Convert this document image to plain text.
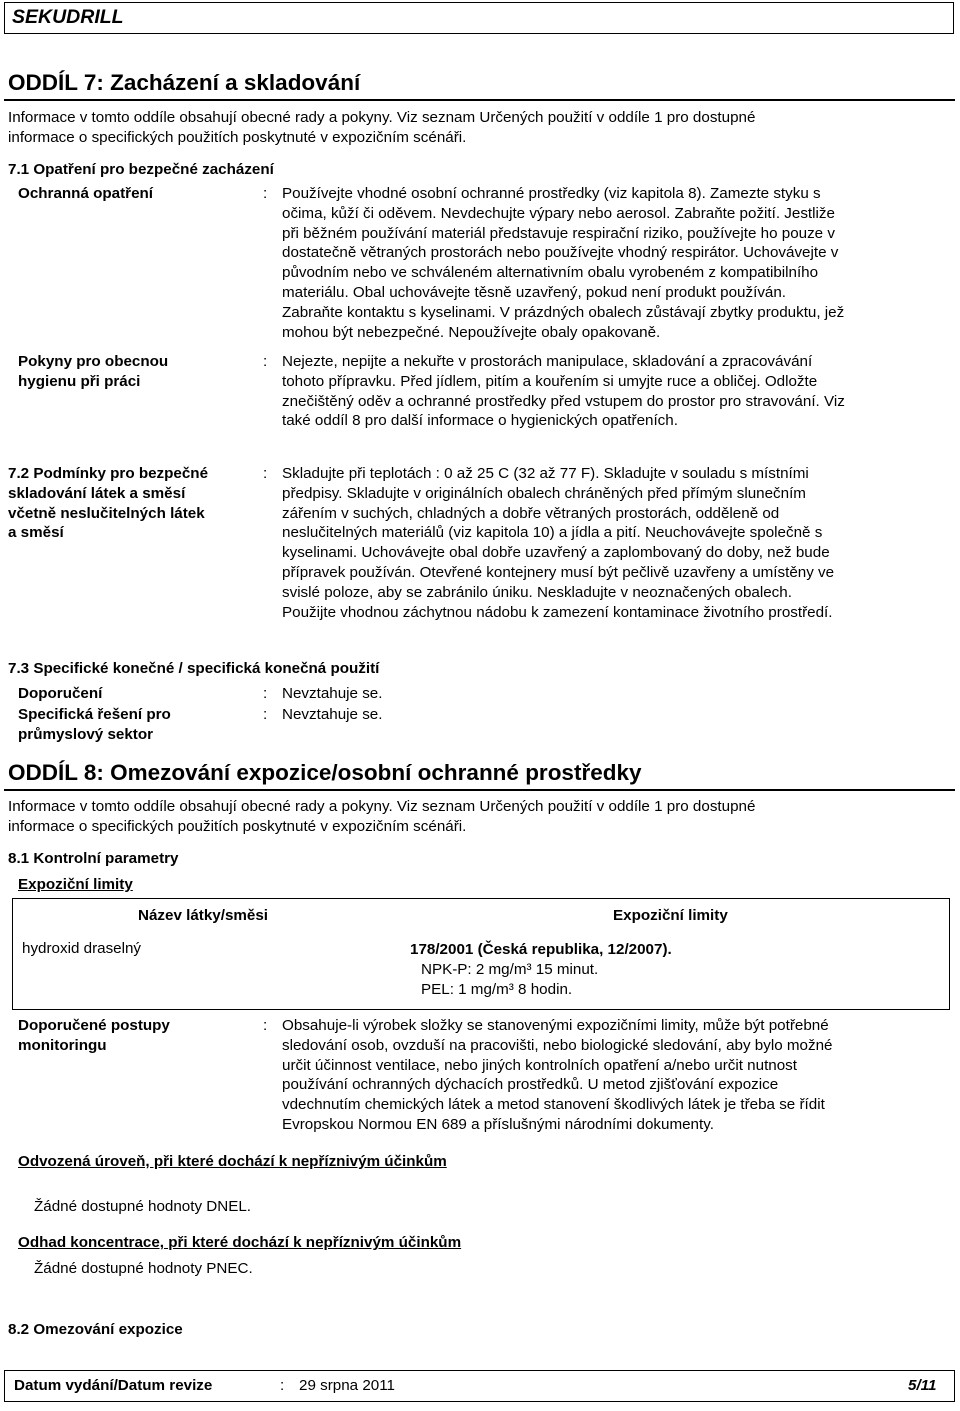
SEKUDRILL
ODDÍL 7: Zacházení a skladování
Informace v tomto oddíle obsahují obecné rady a pokyny. Viz seznam Určených použití v oddíle 1 pro dostupné
informace o specifických použitích poskytnuté v expozičním scénáři.
7.1 Opatření pro bezpečné zacházení
Ochranná opatření	: Používejte vhodné osobní ochranné prostředky (viz kapitola 8). Zamezte styku s
očima, kůží či oděvem. Nevdechujte výpary nebo aerosol. Zabraňte požití. Jestliže
při běžném používání materiál představuje respirační riziko, používejte ho pouze v
dostatečně větraných prostorách nebo používejte vhodný respirátor. Uchovávejte v
původním nebo ve schváleném alternativním obalu vyrobeném z kompatibilního
materiálu. Obal uchovávejte těsně uzavřený, pokud není produkt používán.
Zabraňte kontaktu s kyselinami. V prázdných obalech zůstávají zbytky produktu, jež
mohou být nebezpečné. Nepoužívejte obaly opakovaně.
Pokyny pro obecnou
hygienu při práci
: Nejezte, nepijte a nekuřte v prostorách manipulace, skladování a zpracovávání
tohoto přípravku. Před jídlem, pitím a kouřením si umyjte ruce a obličej. Odložte
znečištěný oděv a ochranné prostředky před vstupem do prostor pro stravování. Viz
také oddíl 8 pro další informace o hygienických opatřeních.
7.2 Podmínky pro bezpečné
skladování látek a směsí
včetně neslučitelných látek
a směsí
: Skladujte při teplotách : 0 až 25 C (32 až 77 F). Skladujte v souladu s místními
předpisy. Skladujte v originálních obalech chráněných před přímým slunečním
zářením v suchých, chladných a dobře větraných prostorách, odděleně od
neslučitelných materiálů (viz kapitola 10) a jídla a pití. Neuchovávejte společně s
kyselinami. Uchovávejte obal dobře uzavřený a zaplombovaný do doby, než bude
přípravek používán. Otevřené kontejnery musí být pečlivě uzavřeny a umístěny ve
svislé poloze, aby se zabránilo úniku. Neskladujte v neoznačených obalech.
Použijte vhodnou záchytnou nádobu k zamezení kontaminace životního prostředí.
7.3 Specifické konečné / specifická konečná použití
Doporučení	: Nevztahuje se.
Specifická řešení pro
průmyslový sektor
: Nevztahuje se.
ODDÍL 8: Omezování expozice/osobní ochranné prostředky
Informace v tomto oddíle obsahují obecné rady a pokyny. Viz seznam Určených použití v oddíle 1 pro dostupné
informace o specifických použitích poskytnuté v expozičním scénáři.
8.1 Kontrolní parametry
Expoziční limity
Název látky/směsi	Expoziční limity
hydroxid draselný	178/2001 (Česká republika, 12/2007).
NPK-P: 2 mg/m³ 15 minut.
PEL: 1 mg/m³ 8 hodin.
Doporučené postupy
monitoringu
: Obsahuje-li výrobek složky se stanovenými expozičními limity, může být potřebné
sledování osob, ovzduší na pracovišti, nebo biologické sledování, aby bylo možné
určit účinnost ventilace, nebo jiných kontrolních opatření a/nebo určit nutnost
používání ochranných dýchacích prostředků. U metod zjišťování expozice
vdechnutím chemických látek a metod stanovení škodlivých látek je třeba se řídit
Evropskou Normou EN 689 a příslušnými národními dokumenty.
Odvozená úroveň, při které dochází k nepříznivým účinkům
Žádné dostupné hodnoty DNEL.
Odhad koncentrace, při které dochází k nepříznivým účinkům
Žádné dostupné hodnoty PNEC.
8.2 Omezování expozice
Datum vydání/Datum revize	: 29 srpna 2011	5/11
